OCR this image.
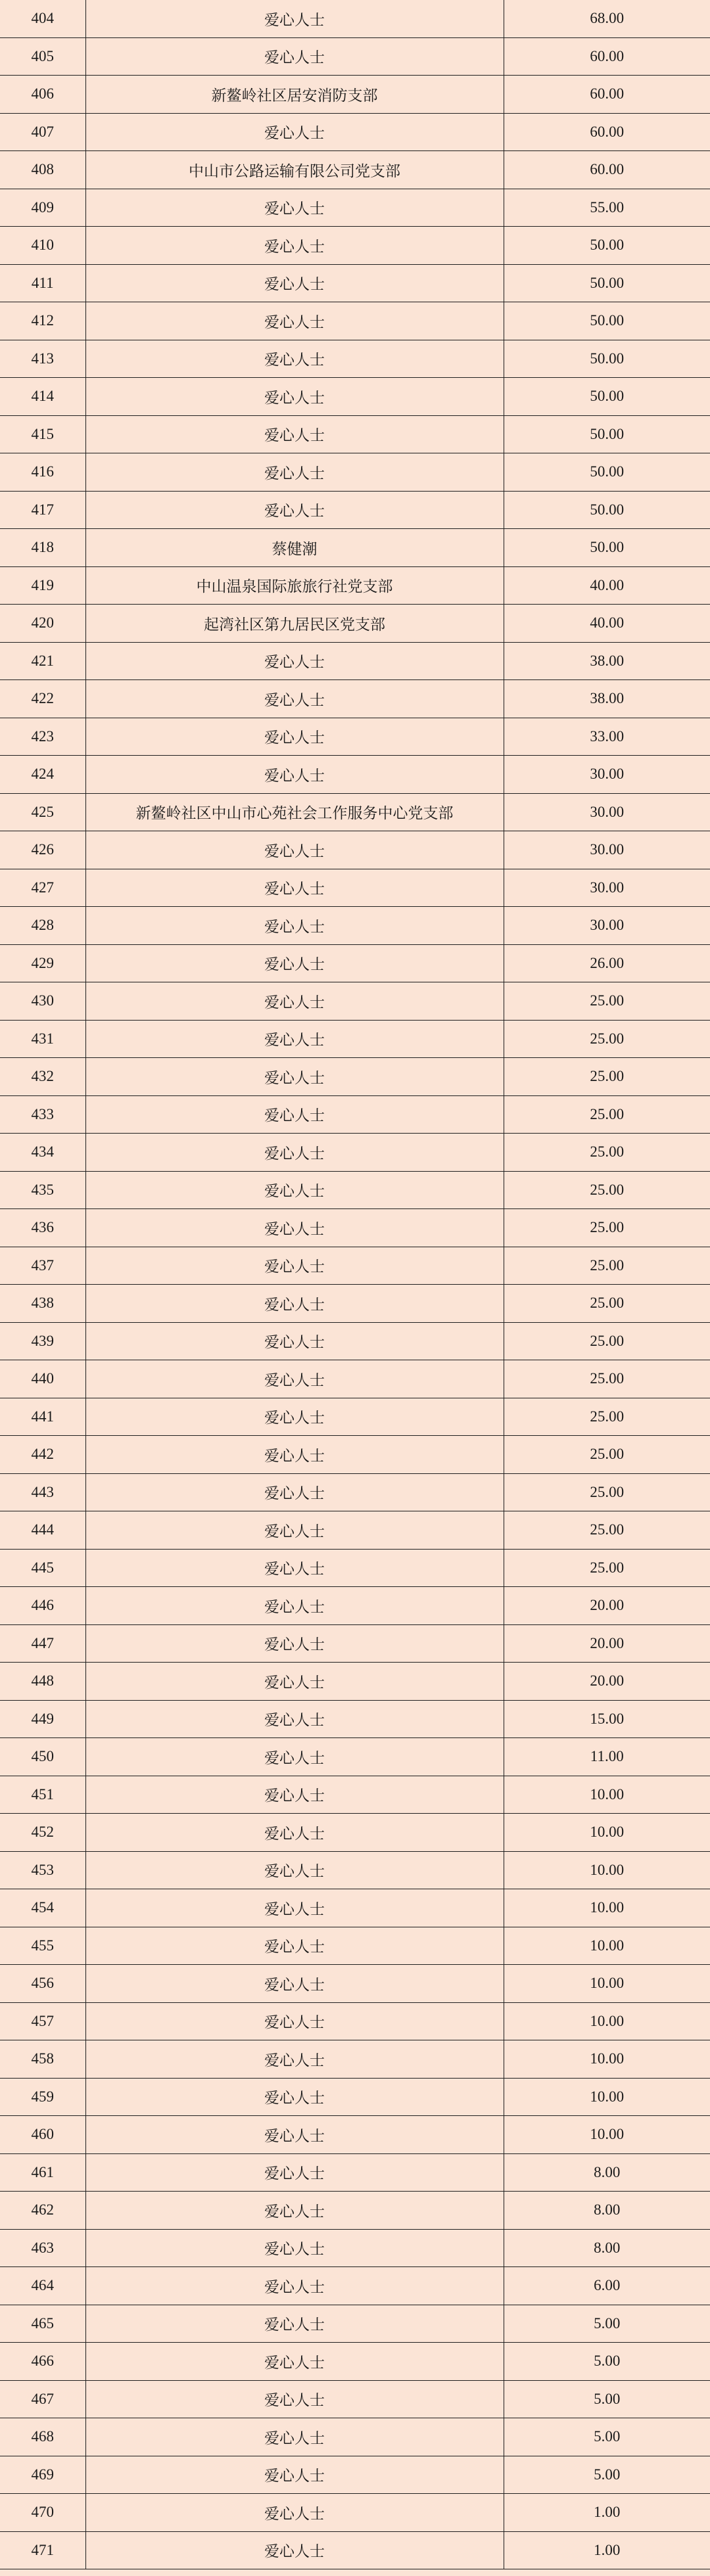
404	爱心人士	68.00
405	爱心人士	60.00
406	新鳌岭社区居安消防支部	60.00
407	爱心人士	60.00
408	中山市公路运输有限公司党支部	60.00
409	爱心人士	55.00
410	爱心人士	50.00
411	爱心人士	50.00
412	爱心人士	50.00
413	爱心人士	50.00
414	爱心人士	50.00
415	爱心人士	50.00
416	爱心人士	50.00
417	爱心人士	50.00
418	蔡健潮	50.00
419	中山温泉国际旅旅行社党支部	40.00
420	起湾社区第九居民区党支部	40.00
421	爱心人士	38.00
422	爱心人士	38.00
423	爱心人士	33.00
424	爱心人士	30.00
425	新鳌岭社区中山市心苑社会工作服务中心党支部	30.00
426	爱心人士	30.00
427	爱心人士	30.00
428	爱心人士	30.00
429	爱心人士	26.00
430	爱心人士	25.00
431	爱心人士	25.00
432	爱心人士	25.00
433	爱心人士	25.00
434	爱心人士	25.00
435	爱心人士	25.00
436	爱心人士	25.00
437	爱心人士	25.00
438	爱心人士	25.00
439	爱心人士	25.00
440	爱心人士	25.00
441	爱心人士	25.00
442	爱心人士	25.00
443	爱心人士	25.00
444	爱心人士	25.00
445	爱心人士	25.00
446	爱心人士	20.00
447	爱心人士	20.00
448	爱心人士	20.00
449	爱心人士	15.00
450	爱心人士	11.00
451	爱心人士	10.00
452	爱心人士	10.00
453	爱心人士	10.00
454	爱心人士	10.00
455	爱心人士	10.00
456	爱心人士	10.00
457	爱心人士	10.00
458	爱心人士	10.00
459	爱心人士	10.00
460	爱心人士	10.00
461	爱心人士	8.00
462	爱心人士	8.00
463	爱心人士	8.00
464	爱心人士	6.00
465	爱心人士	5.00
466	爱心人士	5.00
467	爱心人士	5.00
468	爱心人士	5.00
469	爱心人士	5.00
470	爱心人士	1.00
471	爱心人士	1.00
